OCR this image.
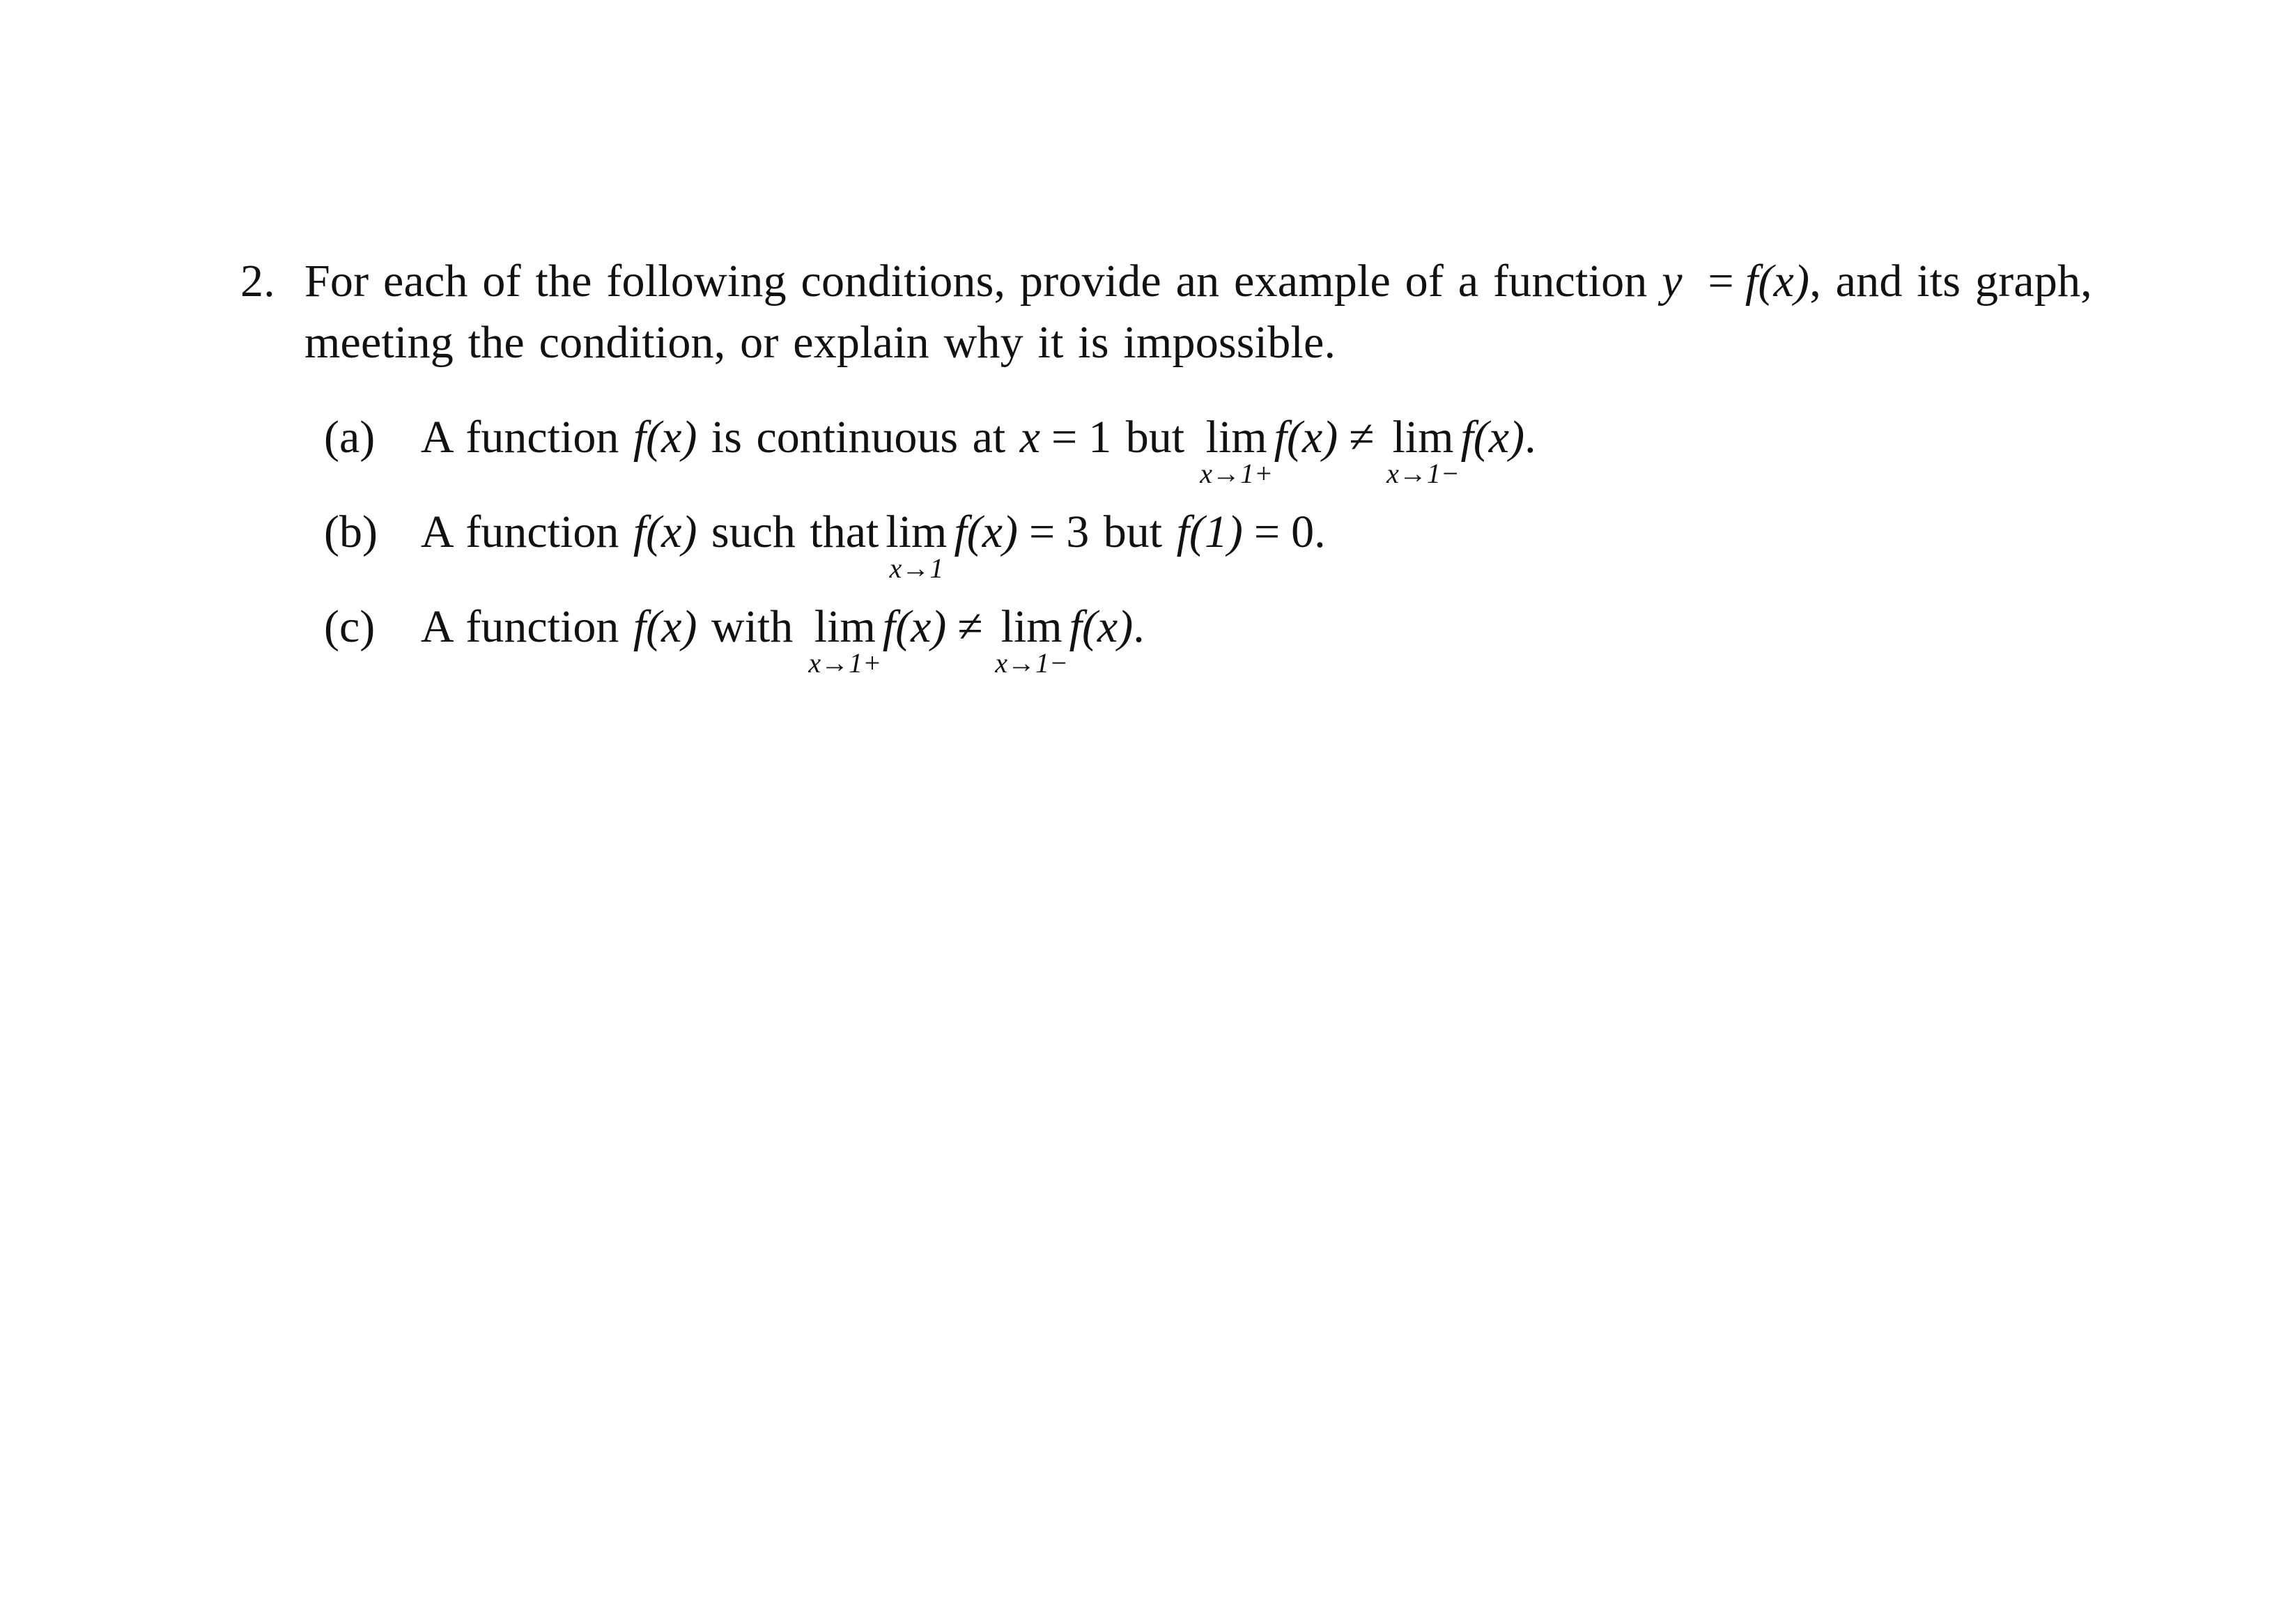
2. For each of the following conditions, provide an example of a function y = f(x), and its graph, meeting the condition, or explain why it is impossible.
(a) A function f(x) is continuous at x = 1 but lim
x→1+
f(x) ≠ lim
x→1−
f(x).
(b) A function f(x) such that lim
x→1
f(x) = 3 but f(1) = 0.
(c) A function f(x) with lim
x→1+
f(x) ≠ lim
x→1−
f(x).
